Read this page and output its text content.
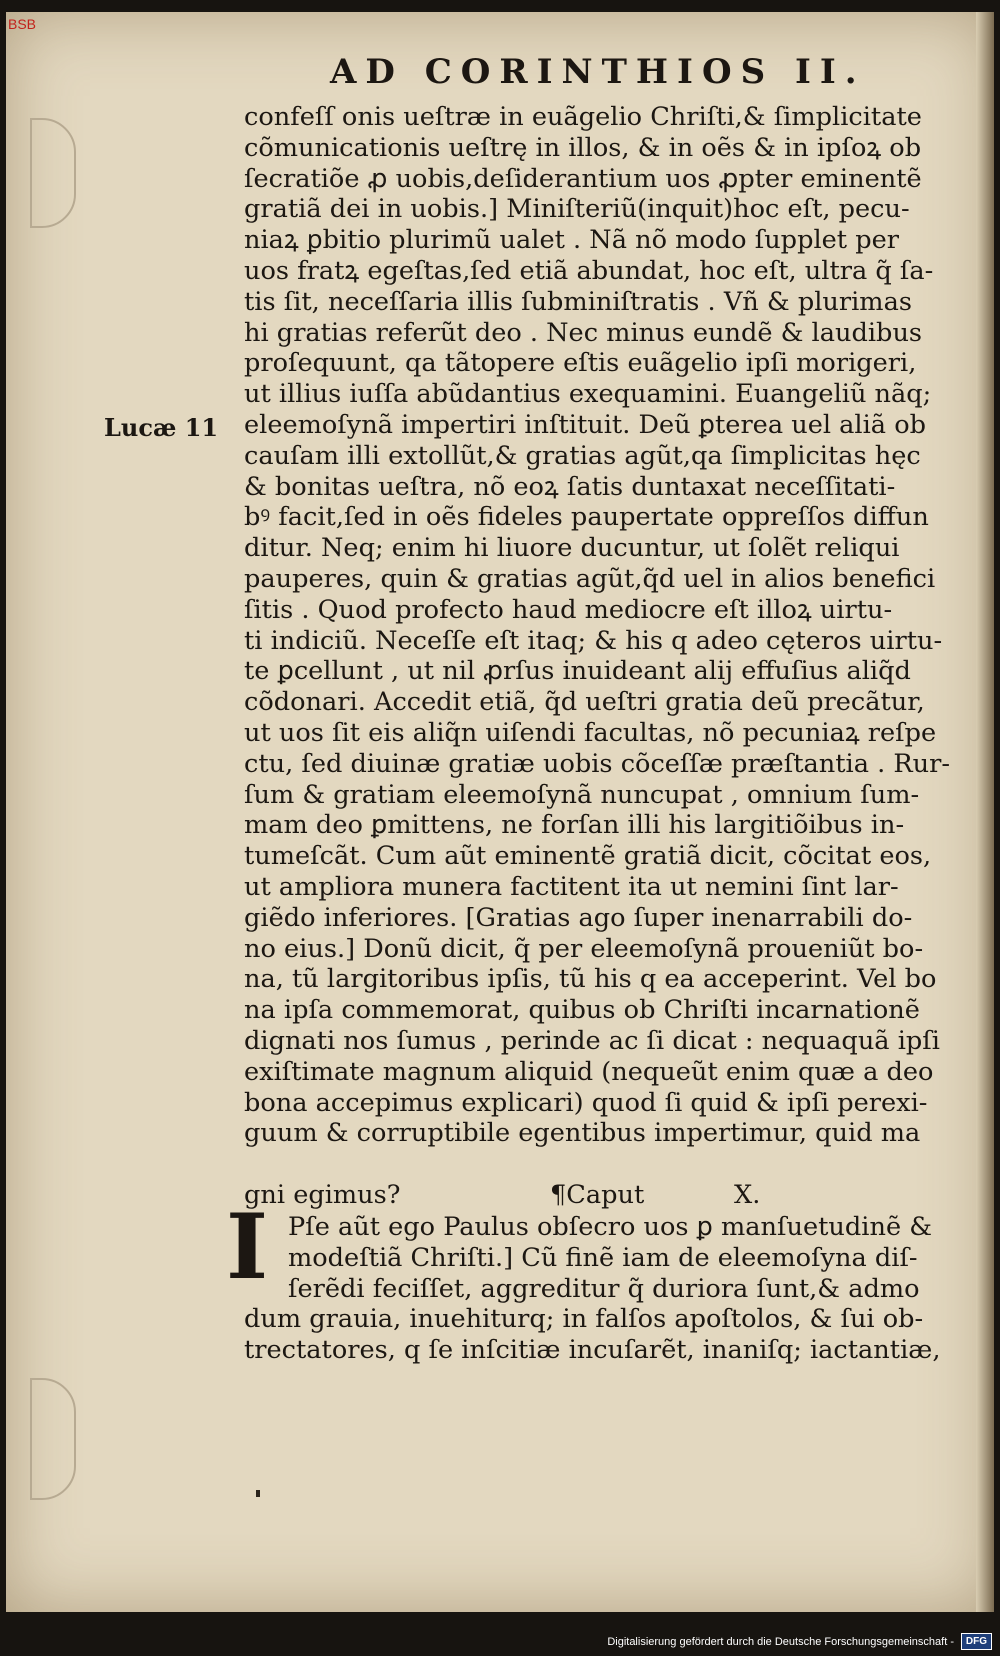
BSB
AD CORINTHIOS II.
Lucæ 11
confeſſ onis ueſtræ in euãgelio Chriſti,& ſimplicitate
cõmunicationis ueſtrę in illos, & in oẽs & in ipſoꝝ ob
ſecratiõe ꝓ uobis,deſiderantium uos ꝓpter eminentẽ
gratiã dei in uobis.] Miniſteriũ(inquit)hoc eſt, pecu-
niaꝝ ꝑbitio plurimũ ualet . Nã nõ modo ſupplet per
uos fratꝝ egeſtas,ſed etiã abundat, hoc eſt, ultra q̃ ſa-
tis ſit, neceſſaria illis ſubminiſtratis . Vñ & plurimas
hi gratias referũt deo . Nec minus eundẽ & laudibus
proſequunt, qa tãtopere eſtis euãgelio ipſi morigeri,
ut illius iuſſa abũdantius exequamini. Euangeliũ nãq;
eleemoſynã impertiri inſtituit. Deũ ꝑterea uel aliã ob
cauſam illi extollũt,& gratias agũt,qa ſimplicitas hęc
& bonitas ueſtra, nõ eoꝝ ſatis duntaxat neceſſitati-
bꝰ facit,ſed in oẽs fideles paupertate oppreſſos diffun
ditur. Neq; enim hi liuore ducuntur, ut ſolẽt reliqui
pauperes, quin & gratias agũt,q̃d uel in alios benefici
ſitis . Quod profecto haud mediocre eſt illoꝝ uirtu-
ti indiciũ. Neceſſe eſt itaq; & his q adeo cęteros uirtu-
te ꝑcellunt , ut nil ꝓrſus inuideant alij effuſius aliq̃d
cõdonari. Accedit etiã, q̃d ueſtri gratia deũ precãtur,
ut uos ſit eis aliq̃n uiſendi facultas, nõ pecuniaꝝ reſpe
ctu, ſed diuinæ gratiæ uobis cõceſſæ præſtantia . Rur-
ſum & gratiam eleemoſynã nuncupat , omnium ſum-
mam deo ꝑmittens, ne forſan illi his largitiõibus in-
tumeſcãt. Cum aũt eminentẽ gratiã dicit, cõcitat eos,
ut ampliora munera factitent ita ut nemini ſint lar-
giẽdo inferiores. [Gratias ago ſuper inenarrabili do-
no eius.] Donũ dicit, q̃ per eleemoſynã proueniũt bo-
na, tũ largitoribus ipſis, tũ his q ea acceperint. Vel bo
na ipſa commemorat, quibus ob Chriſti incarnationẽ
dignati nos ſumus , perinde ac ſi dicat : nequaquã ipſi
exiſtimate magnum aliquid (nequeũt enim quæ a deo
bona accepimus explicari) quod ſi quid & ipſi perexi-
guum & corruptibile egentibus impertimur, quid ma
gni egimus?	¶Caput	X.
I Pſe aũt ego Paulus obſecro uos ꝑ manſuetudinẽ &
modeſtiã Chriſti.] Cũ finẽ iam de eleemoſyna diſ-
ſerẽdi feciſſet, aggreditur q̃ duriora ſunt,& admo
dum grauia, inuehiturq; in falſos apoſtolos, & ſui ob-
trectatores, q ſe inſcitiæ incuſarẽt, inaniſq; iactantiæ,
Digitalisierung gefördert durch die Deutsche Forschungsgemeinschaft -	DFG
